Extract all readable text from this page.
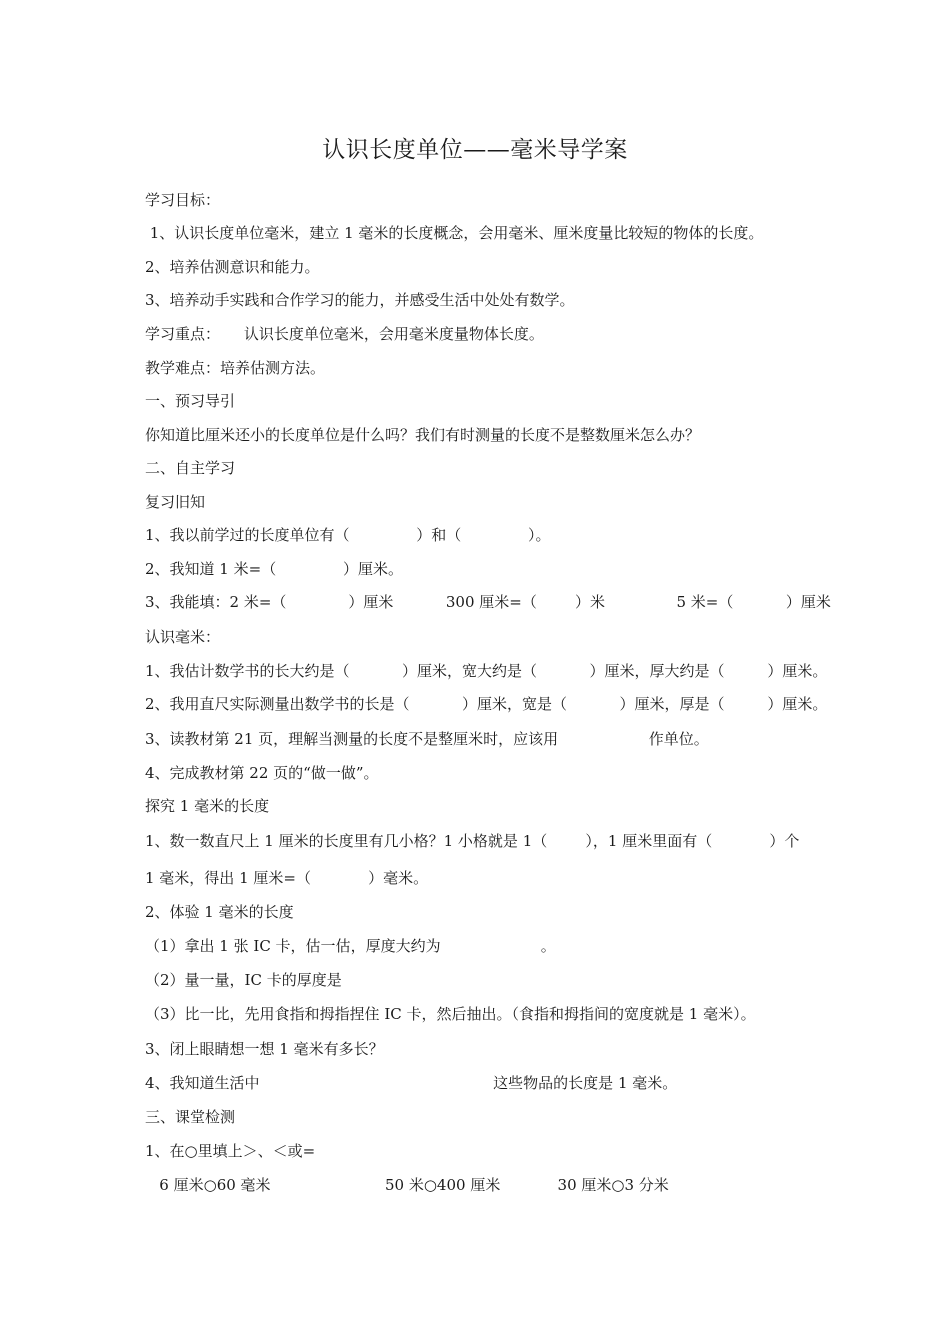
认识长度单位——毫米导学案
学习目标：
1、认识长度单位毫米，建立 1 毫米的长度概念，会用毫米、厘米度量比较短的物体的长度。
2、培养估测意识和能力。
3、培养动手实践和合作学习的能力，并感受生活中处处有数学。
学习重点：     认识长度单位毫米，会用毫米度量物体长度。
教学难点：培养估测方法。
一、预习导引
你知道比厘米还小的长度单位是什么吗？我们有时测量的长度不是整数厘米怎么办？
二、自主学习
复习旧知
1、我以前学过的长度单位有（              ）和（              ）。
2、我知道 1 米=（              ）厘米。
3、我能填：2 米=（             ）厘米           300 厘米=（        ）米               5 米=（           ）厘米
认识毫米：
1、我估计数学书的长大约是（           ）厘米，宽大约是（           ）厘米，厚大约是（         ）厘米。
2、我用直尺实际测量出数学书的长是（           ）厘米，宽是（           ）厘米，厚是（         ）厘米。
3、读教材第 21 页，理解当测量的长度不是整厘米时，应该用                   作单位。
4、完成教材第 22 页的“做一做”。
探究 1 毫米的长度
1、数一数直尺上 1 厘米的长度里有几小格？1 小格就是 1（        ），1 厘米里面有（            ）个
1 毫米，得出 1 厘米=（            ）毫米。
2、体验 1 毫米的长度
（1）拿出 1 张 IC 卡，估一估，厚度大约为                     。
（2）量一量，IC 卡的厚度是
（3）比一比，先用食指和拇指捏住 IC 卡，然后抽出。（食指和拇指间的宽度就是 1 毫米）。
3、闭上眼睛想一想 1 毫米有多长？
4、我知道生活中                                                 这些物品的长度是 1 毫米。
三、课堂检测
1、在○里填上＞、＜或=
6 厘米○60 毫米                        50 米○400 厘米            30 厘米○3 分米
